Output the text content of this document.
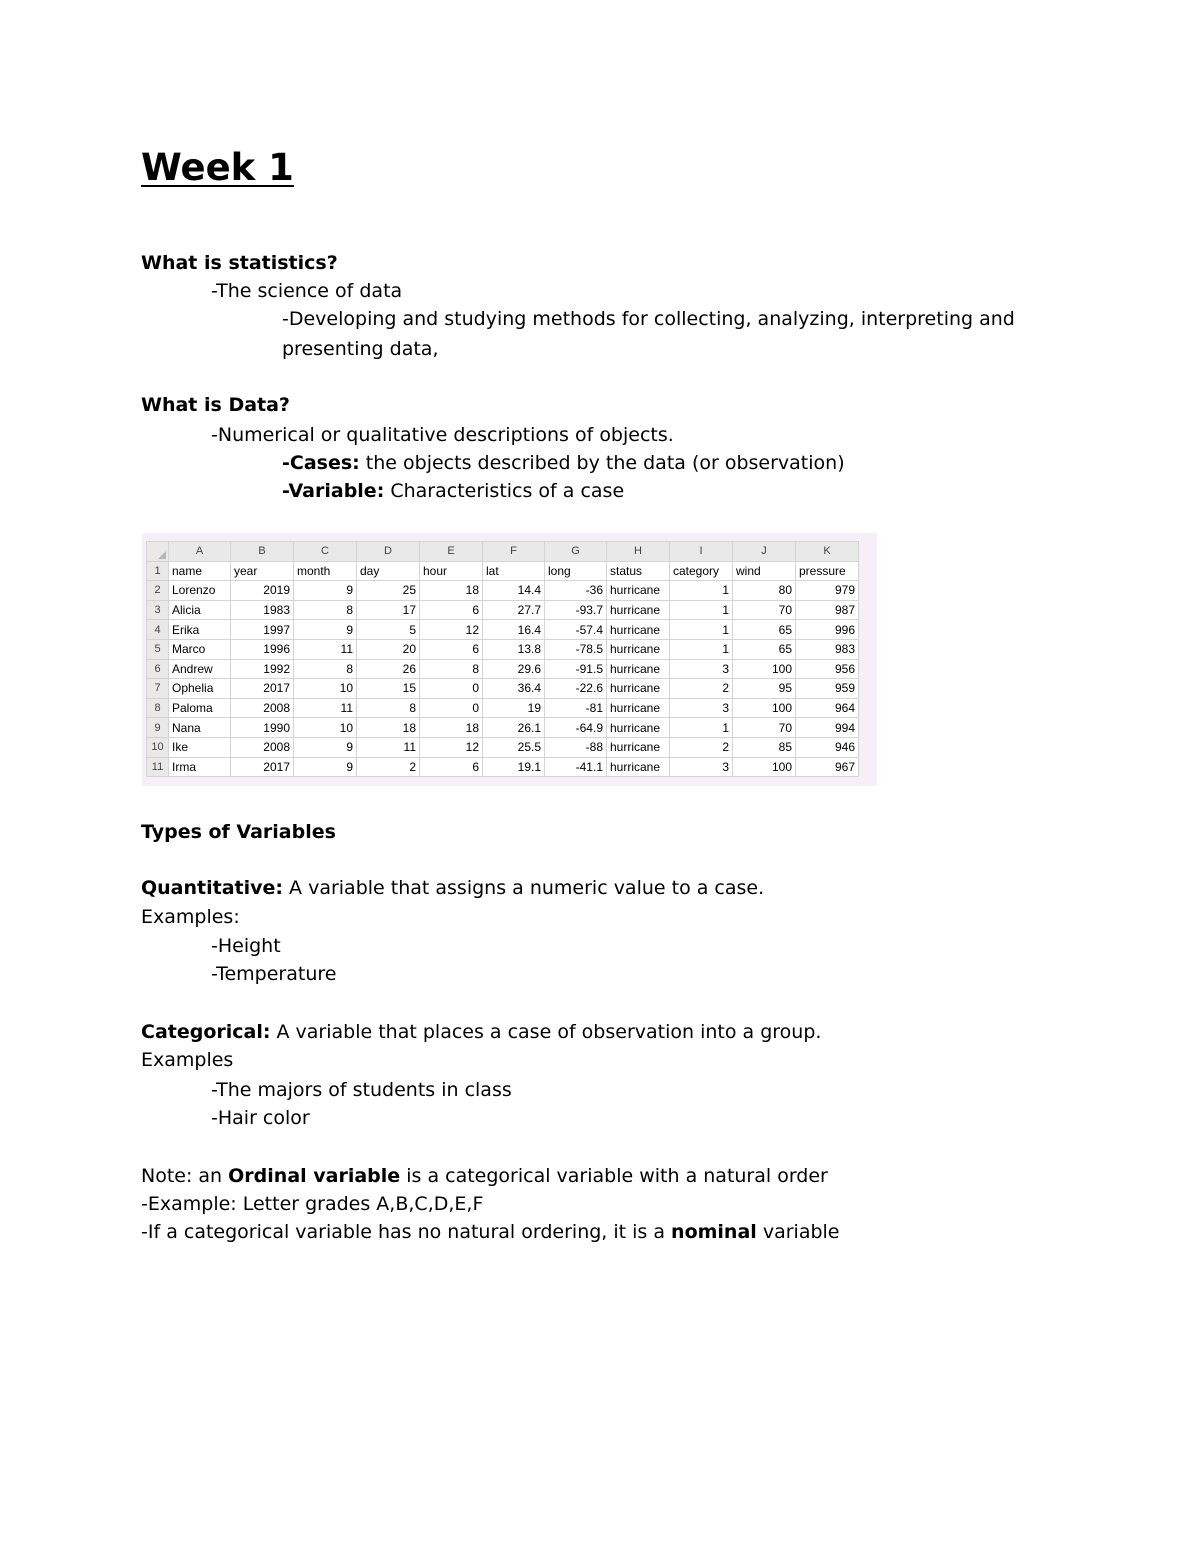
Week 1
What is statistics?
-The science of data
-Developing and studying methods for collecting, analyzing, interpreting and
presenting data,
What is Data?
-Numerical or qualitative descriptions of objects.
-Cases: the objects described by the data (or observation)
-Variable: Characteristics of a case
	A	B	C	D	E	F	G	H	I	J	K
1	name	year	month	day	hour	lat	long	status	category	wind	pressure
2	Lorenzo	2019	9	25	18	14.4	-36	hurricane	1	80	979
3	Alicia	1983	8	17	6	27.7	-93.7	hurricane	1	70	987
4	Erika	1997	9	5	12	16.4	-57.4	hurricane	1	65	996
5	Marco	1996	11	20	6	13.8	-78.5	hurricane	1	65	983
6	Andrew	1992	8	26	8	29.6	-91.5	hurricane	3	100	956
7	Ophelia	2017	10	15	0	36.4	-22.6	hurricane	2	95	959
8	Paloma	2008	11	8	0	19	-81	hurricane	3	100	964
9	Nana	1990	10	18	18	26.1	-64.9	hurricane	1	70	994
10	Ike	2008	9	11	12	25.5	-88	hurricane	2	85	946
11	Irma	2017	9	2	6	19.1	-41.1	hurricane	3	100	967
Types of Variables
Quantitative: A variable that assigns a numeric value to a case.
Examples:
-Height
-Temperature
Categorical: A variable that places a case of observation into a group.
Examples
-The majors of students in class
-Hair color
Note: an Ordinal variable is a categorical variable with a natural order
-Example: Letter grades A,B,C,D,E,F
-If a categorical variable has no natural ordering, it is a nominal variable
